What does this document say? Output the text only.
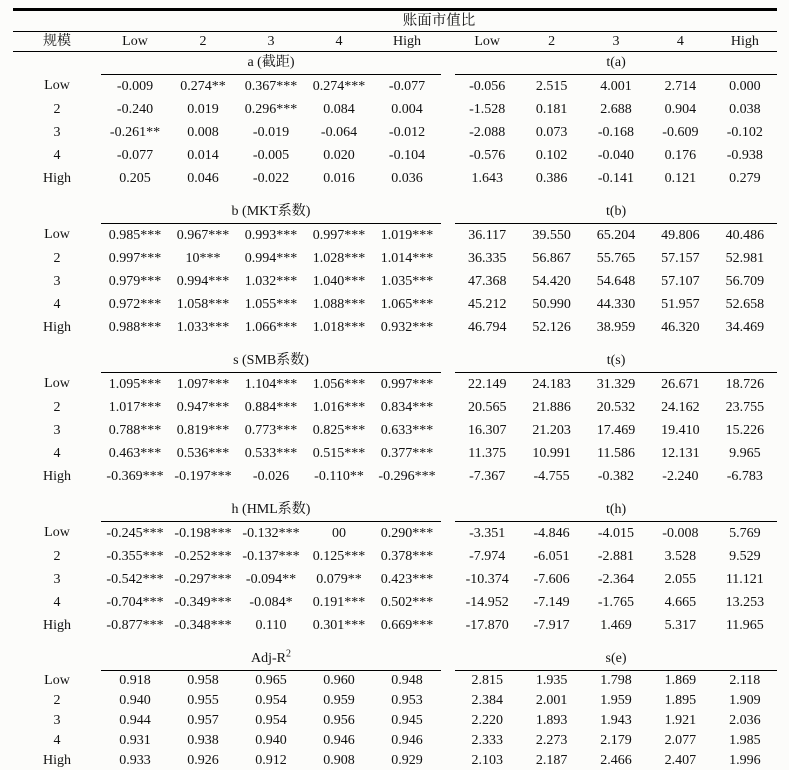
	账面市值比										
规模	Low	2	3	4	High		Low	2	3	4	High
	a (截距)						t(a)				
Low	-0.009	0.274**	0.367***	0.274***	-0.077		-0.056	2.515	4.001	2.714	0.000
2	-0.240	0.019	0.296***	0.084	0.004		-1.528	0.181	2.688	0.904	0.038
3	-0.261**	0.008	-0.019	-0.064	-0.012		-2.088	0.073	-0.168	-0.609	-0.102
4	-0.077	0.014	-0.005	0.020	-0.104		-0.576	0.102	-0.040	0.176	-0.938
High	0.205	0.046	-0.022	0.016	0.036		1.643	0.386	-0.141	0.121	0.279

	b (MKT系数)						t(b)				
Low	0.985***	0.967***	0.993***	0.997***	1.019***		36.117	39.550	65.204	49.806	40.486
2	0.997***	10***	0.994***	1.028***	1.014***		36.335	56.867	55.765	57.157	52.981
3	0.979***	0.994***	1.032***	1.040***	1.035***		47.368	54.420	54.648	57.107	56.709
4	0.972***	1.058***	1.055***	1.088***	1.065***		45.212	50.990	44.330	51.957	52.658
High	0.988***	1.033***	1.066***	1.018***	0.932***		46.794	52.126	38.959	46.320	34.469

	s (SMB系数)						t(s)				
Low	1.095***	1.097***	1.104***	1.056***	0.997***		22.149	24.183	31.329	26.671	18.726
2	1.017***	0.947***	0.884***	1.016***	0.834***		20.565	21.886	20.532	24.162	23.755
3	0.788***	0.819***	0.773***	0.825***	0.633***		16.307	21.203	17.469	19.410	15.226
4	0.463***	0.536***	0.533***	0.515***	0.377***		11.375	10.991	11.586	12.131	9.965
High	-0.369***	-0.197***	-0.026	-0.110**	-0.296***		-7.367	-4.755	-0.382	-2.240	-6.783

	h (HML系数)						t(h)				
Low	-0.245***	-0.198***	-0.132***	00	0.290***		-3.351	-4.846	-4.015	-0.008	5.769
2	-0.355***	-0.252***	-0.137***	0.125***	0.378***		-7.974	-6.051	-2.881	3.528	9.529
3	-0.542***	-0.297***	-0.094**	0.079**	0.423***		-10.374	-7.606	-2.364	2.055	11.121
4	-0.704***	-0.349***	-0.084*	0.191***	0.502***		-14.952	-7.149	-1.765	4.665	13.253
High	-0.877***	-0.348***	0.110	0.301***	0.669***		-17.870	-7.917	1.469	5.317	11.965

	Adj-$R^2$						s(e)				
Low	0.918	0.958	0.965	0.960	0.948		2.815	1.935	1.798	1.869	2.118
2	0.940	0.955	0.954	0.959	0.953		2.384	2.001	1.959	1.895	1.909
3	0.944	0.957	0.954	0.956	0.945		2.220	1.893	1.943	1.921	2.036
4	0.931	0.938	0.940	0.946	0.946		2.333	2.273	2.179	2.077	1.985
High	0.933	0.926	0.912	0.908	0.929		2.103	2.187	2.466	2.407	1.996
